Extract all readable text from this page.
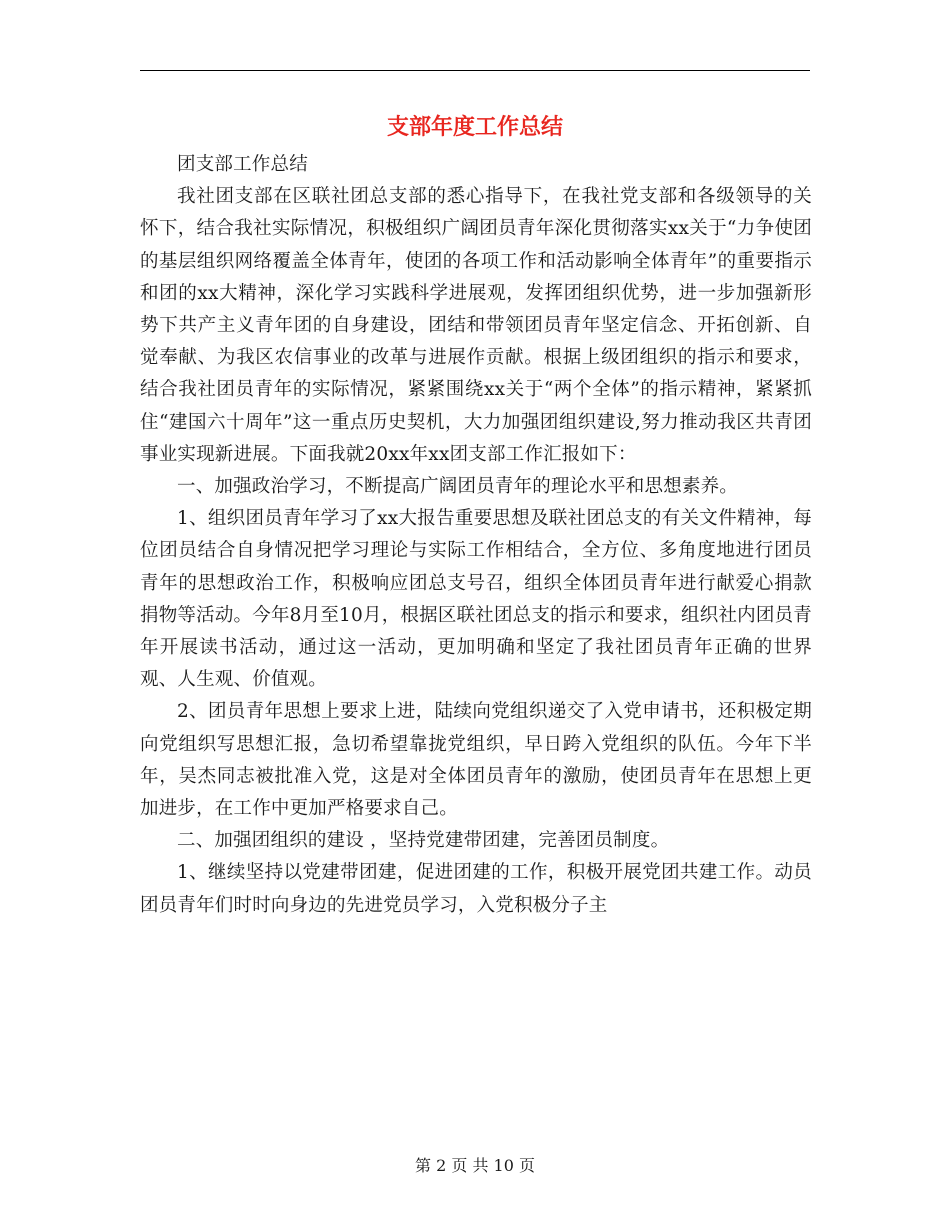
支部年度工作总结

团支部工作总结

我社团支部在区联社团总支部的悉心指导下，在我社党支部和各级领导的关怀下，结合我社实际情况，积极组织广阔团员青年深化贯彻落实xx关于“力争使团的基层组织网络覆盖全体青年，使团的各项工作和活动影响全体青年”的重要指示和团的xx大精神，深化学习实践科学进展观，发挥团组织优势，进一步加强新形势下共产主义青年团的自身建设，团结和带领团员青年坚定信念、开拓创新、自觉奉献、为我区农信事业的改革与进展作贡献。根据上级团组织的指示和要求，结合我社团员青年的实际情况，紧紧围绕xx关于“两个全体”的指示精神，紧紧抓住“建国六十周年”这一重点历史契机，大力加强团组织建设,努力推动我区共青团事业实现新进展。下面我就20xx年xx团支部工作汇报如下：

一、加强政治学习，不断提高广阔团员青年的理论水平和思想素养。

1、组织团员青年学习了xx大报告重要思想及联社团总支的有关文件精神，每位团员结合自身情况把学习理论与实际工作相结合，全方位、多角度地进行团员青年的思想政治工作，积极响应团总支号召，组织全体团员青年进行献爱心捐款捐物等活动。今年8月至10月，根据区联社团总支的指示和要求，组织社内团员青年开展读书活动，通过这一活动，更加明确和坚定了我社团员青年正确的世界观、人生观、价值观。

2、团员青年思想上要求上进，陆续向党组织递交了入党申请书，还积极定期向党组织写思想汇报，急切希望靠拢党组织，早日跨入党组织的队伍。今年下半年，吴杰同志被批准入党，这是对全体团员青年的激励，使团员青年在思想上更加进步，在工作中更加严格要求自己。

二、加强团组织的建设 ，坚持党建带团建，完善团员制度。

1、继续坚持以党建带团建，促进团建的工作，积极开展党团共建工作。动员团员青年们时时向身边的先进党员学习，入党积极分子主

第 2 页 共 10 页
